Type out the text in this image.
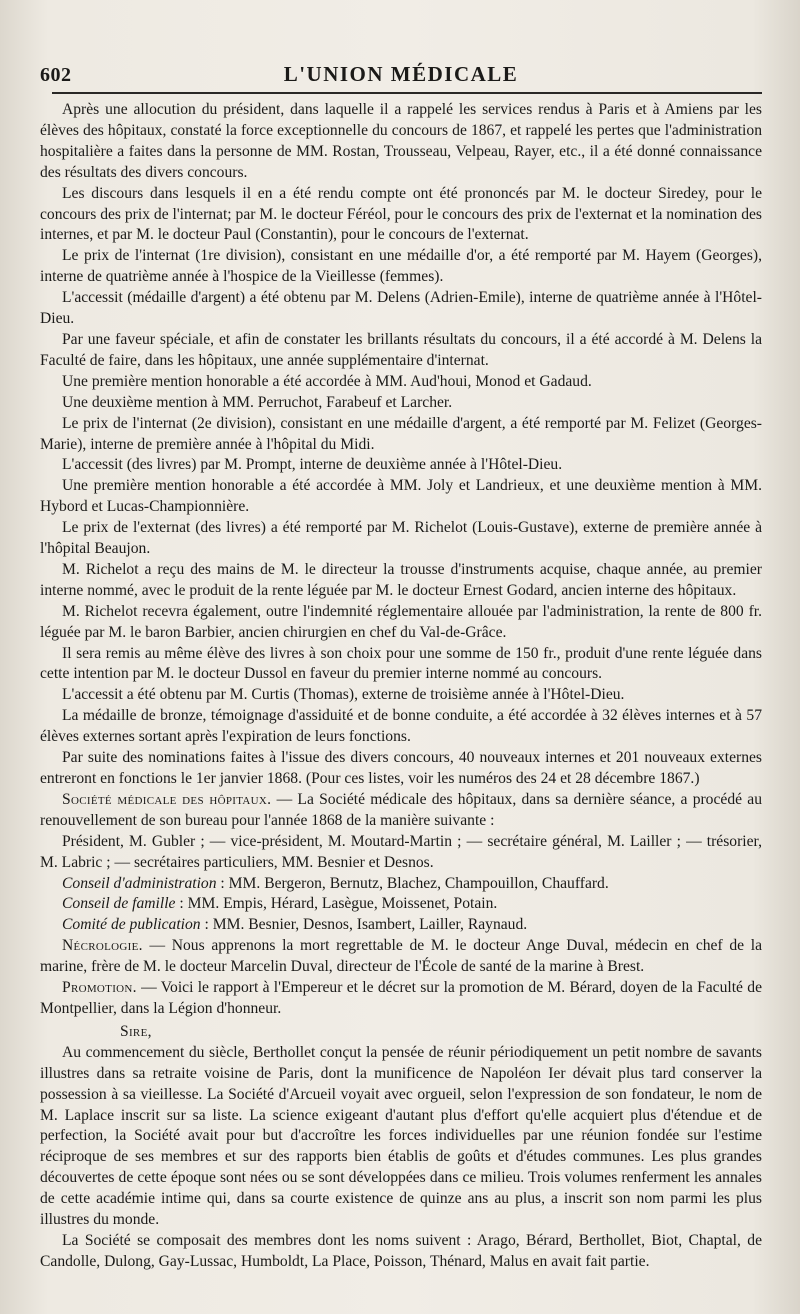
602	L'UNION MÉDICALE

Après une allocution du président, dans laquelle il a rappelé les services rendus à Paris et à Amiens par les élèves des hôpitaux, constaté la force exceptionnelle du concours de 1867, et rappelé les pertes que l'administration hospitalière a faites dans la personne de MM. Rostan, Trousseau, Velpeau, Rayer, etc., il a été donné connaissance des résultats des divers concours.

Les discours dans lesquels il en a été rendu compte ont été prononcés par M. le docteur Siredey, pour le concours des prix de l'internat; par M. le docteur Féréol, pour le concours des prix de l'externat et la nomination des internes, et par M. le docteur Paul (Constantin), pour le concours de l'externat.

Le prix de l'internat (1re division), consistant en une médaille d'or, a été remporté par M. Hayem (Georges), interne de quatrième année à l'hospice de la Vieillesse (femmes).

L'accessit (médaille d'argent) a été obtenu par M. Delens (Adrien-Emile), interne de quatrième année à l'Hôtel-Dieu.

Par une faveur spéciale, et afin de constater les brillants résultats du concours, il a été accordé à M. Delens la Faculté de faire, dans les hôpitaux, une année supplémentaire d'internat.

Une première mention honorable a été accordée à MM. Aud'houi, Monod et Gadaud.

Une deuxième mention à MM. Perruchot, Farabeuf et Larcher.

Le prix de l'internat (2e division), consistant en une médaille d'argent, a été remporté par M. Felizet (Georges-Marie), interne de première année à l'hôpital du Midi.

L'accessit (des livres) par M. Prompt, interne de deuxième année à l'Hôtel-Dieu.

Une première mention honorable a été accordée à MM. Joly et Landrieux, et une deuxième mention à MM. Hybord et Lucas-Championnière.

Le prix de l'externat (des livres) a été remporté par M. Richelot (Louis-Gustave), externe de première année à l'hôpital Beaujon.

M. Richelot a reçu des mains de M. le directeur la trousse d'instruments acquise, chaque année, au premier interne nommé, avec le produit de la rente léguée par M. le docteur Ernest Godard, ancien interne des hôpitaux.

M. Richelot recevra également, outre l'indemnité réglementaire allouée par l'administration, la rente de 800 fr. léguée par M. le baron Barbier, ancien chirurgien en chef du Val-de-Grâce.

Il sera remis au même élève des livres à son choix pour une somme de 150 fr., produit d'une rente léguée dans cette intention par M. le docteur Dussol en faveur du premier interne nommé au concours.

L'accessit a été obtenu par M. Curtis (Thomas), externe de troisième année à l'Hôtel-Dieu.

La médaille de bronze, témoignage d'assiduité et de bonne conduite, a été accordée à 32 élèves internes et à 57 élèves externes sortant après l'expiration de leurs fonctions.

Par suite des nominations faites à l'issue des divers concours, 40 nouveaux internes et 201 nouveaux externes entreront en fonctions le 1er janvier 1868. (Pour ces listes, voir les numéros des 24 et 28 décembre 1867.)

Société médicale des hôpitaux. — La Société médicale des hôpitaux, dans sa dernière séance, a procédé au renouvellement de son bureau pour l'année 1868 de la manière suivante :

Président, M. Gubler ; — vice-président, M. Moutard-Martin ; — secrétaire général, M. Lailler ; — trésorier, M. Labric ; — secrétaires particuliers, MM. Besnier et Desnos.

Conseil d'administration : MM. Bergeron, Bernutz, Blachez, Champouillon, Chauffard.

Conseil de famille : MM. Empis, Hérard, Lasègue, Moissenet, Potain.

Comité de publication : MM. Besnier, Desnos, Isambert, Lailler, Raynaud.

Nécrologie. — Nous apprenons la mort regrettable de M. le docteur Ange Duval, médecin en chef de la marine, frère de M. le docteur Marcelin Duval, directeur de l'École de santé de la marine à Brest.

Promotion. — Voici le rapport à l'Empereur et le décret sur la promotion de M. Bérard, doyen de la Faculté de Montpellier, dans la Légion d'honneur.

Sire,

Au commencement du siècle, Berthollet conçut la pensée de réunir périodiquement un petit nombre de savants illustres dans sa retraite voisine de Paris, dont la munificence de Napoléon Ier dévait plus tard conserver la possession à sa vieillesse. La Société d'Arcueil voyait avec orgueil, selon l'expression de son fondateur, le nom de M. Laplace inscrit sur sa liste. La science exigeant d'autant plus d'effort qu'elle acquiert plus d'étendue et de perfection, la Société avait pour but d'accroître les forces individuelles par une réunion fondée sur l'estime réciproque de ses membres et sur des rapports bien établis de goûts et d'études communes. Les plus grandes découvertes de cette époque sont nées ou se sont développées dans ce milieu. Trois volumes renferment les annales de cette académie intime qui, dans sa courte existence de quinze ans au plus, a inscrit son nom parmi les plus illustres du monde.

La Société se composait des membres dont les noms suivent : Arago, Bérard, Berthollet, Biot, Chaptal, de Candolle, Dulong, Gay-Lussac, Humboldt, La Place, Poisson, Thénard, Malus en avait fait partie.
